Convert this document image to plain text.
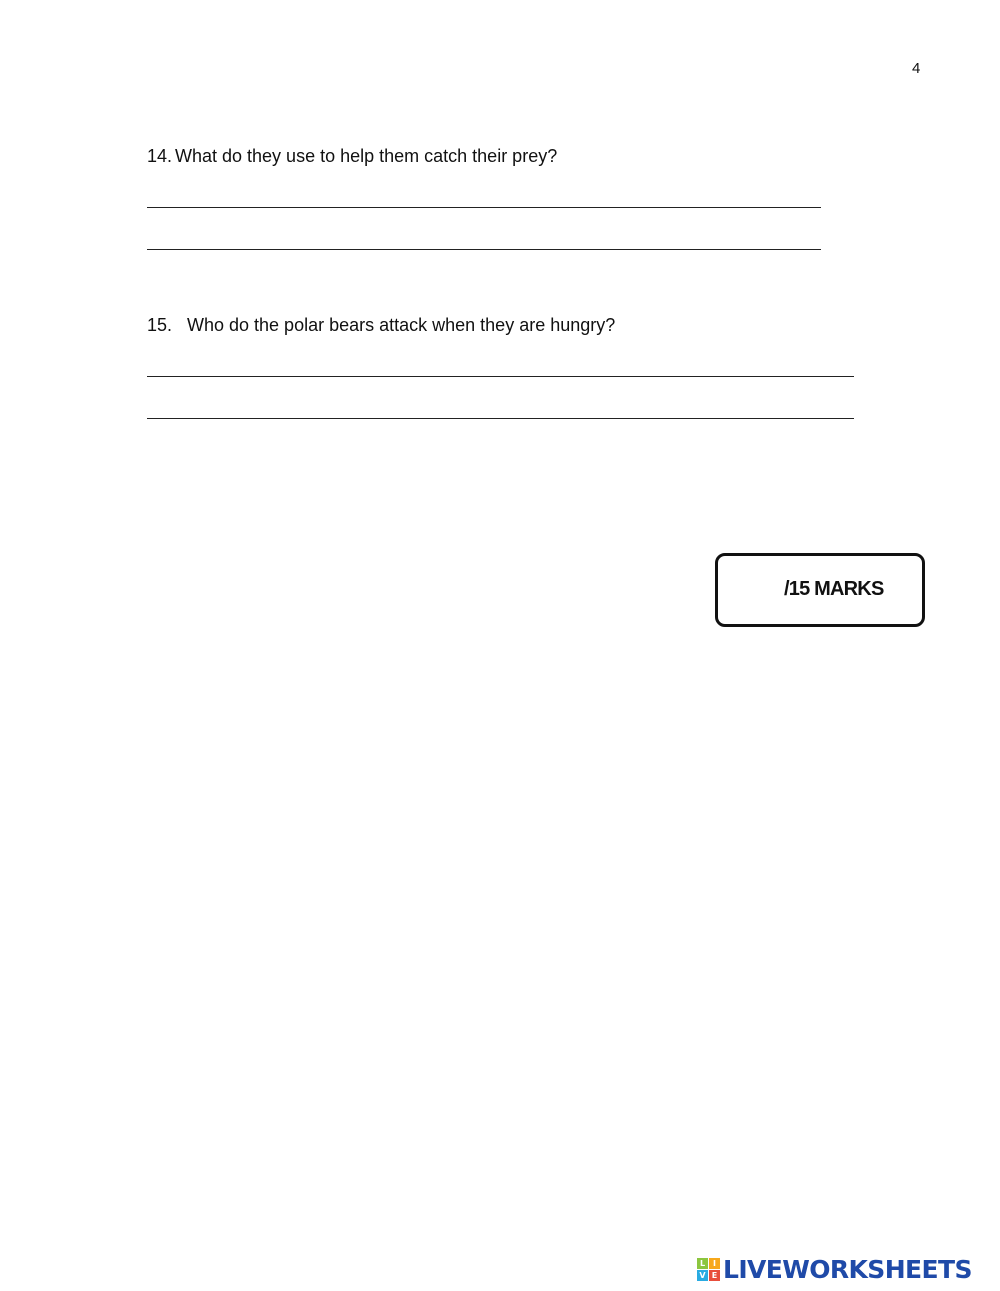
4
14. What do they use to help them catch their prey?
15. Who do the polar bears attack when they are hungry?
/15 MARKS
L I
V E LIVEWORKSHEETS
